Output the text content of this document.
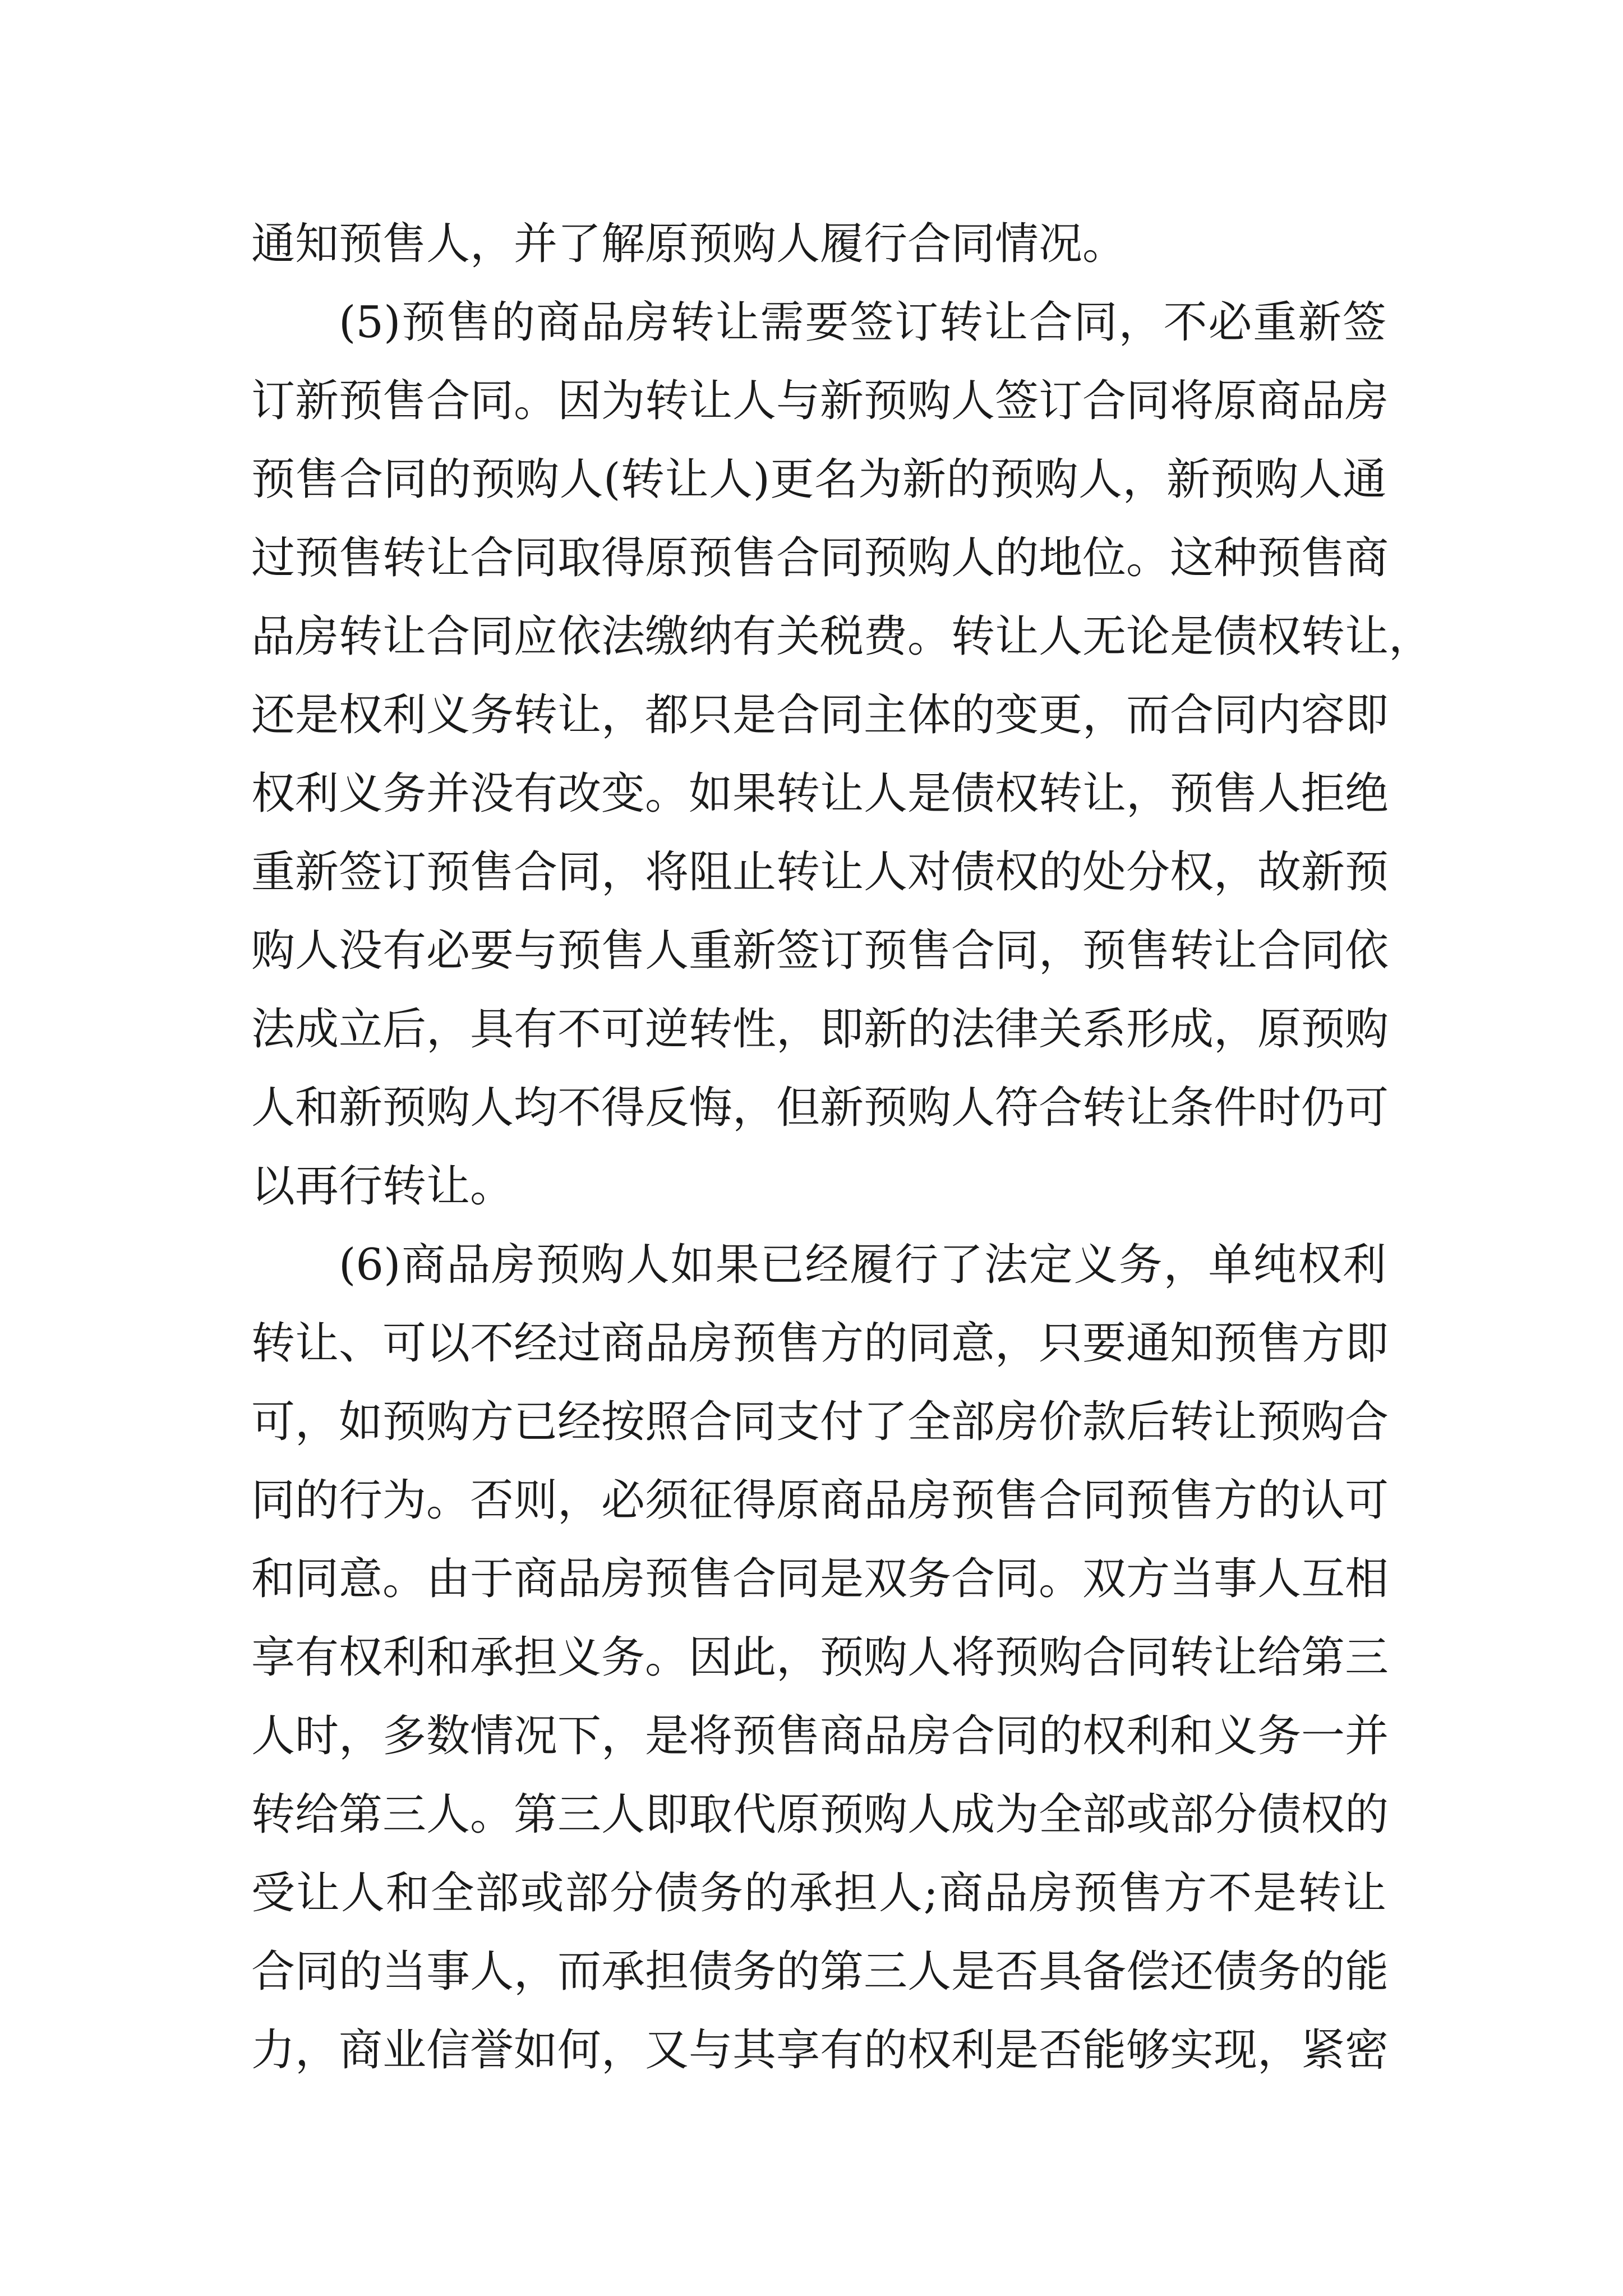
通知预售人，并了解原预购人履行合同情况。
(5)预售的商品房转让需要签订转让合同，不必重新签
订新预售合同。因为转让人与新预购人签订合同将原商品房
预售合同的预购人(转让人)更名为新的预购人，新预购人通
过预售转让合同取得原预售合同预购人的地位。这种预售商
品房转让合同应依法缴纳有关税费。转让人无论是债权转让，
还是权利义务转让，都只是合同主体的变更，而合同内容即
权利义务并没有改变。如果转让人是债权转让，预售人拒绝
重新签订预售合同，将阻止转让人对债权的处分权，故新预
购人没有必要与预售人重新签订预售合同，预售转让合同依
法成立后，具有不可逆转性，即新的法律关系形成，原预购
人和新预购人均不得反悔，但新预购人符合转让条件时仍可
以再行转让。
(6)商品房预购人如果已经履行了法定义务，单纯权利
转让、可以不经过商品房预售方的同意，只要通知预售方即
可，如预购方已经按照合同支付了全部房价款后转让预购合
同的行为。否则，必须征得原商品房预售合同预售方的认可
和同意。由于商品房预售合同是双务合同。双方当事人互相
享有权利和承担义务。因此，预购人将预购合同转让给第三
人时，多数情况下，是将预售商品房合同的权利和义务一并
转给第三人。第三人即取代原预购人成为全部或部分债权的
受让人和全部或部分债务的承担人;商品房预售方不是转让
合同的当事人，而承担债务的第三人是否具备偿还债务的能
力，商业信誉如何，又与其享有的权利是否能够实现，紧密
